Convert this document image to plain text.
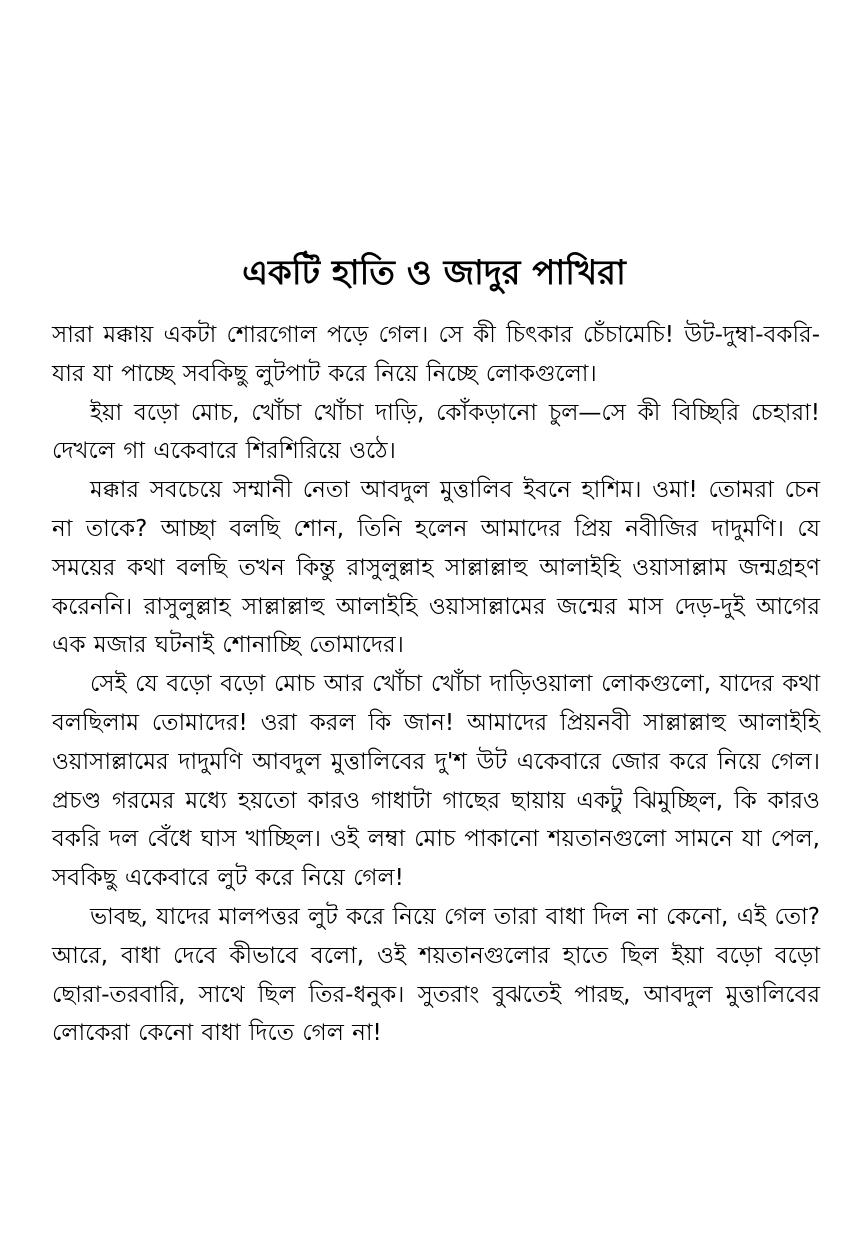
একটি হাতি ও জাদুর পাখিরা

সারা মক্কায় একটা শোরগোল পড়ে গেল। সে কী চিৎকার চেঁচামেচি! উট-দুম্বা-বকরি- যার যা পাচ্ছে সবকিছু লুটপাট করে নিয়ে নিচ্ছে লোকগুলো।

ইয়া বড়ো মোচ, খোঁচা খোঁচা দাড়ি, কোঁকড়ানো চুল—সে কী বিচ্ছিরি চেহারা! দেখলে গা একেবারে শিরশিরিয়ে ওঠে।

মক্কার সবচেয়ে সম্মানী নেতা আবদুল মুত্তালিব ইবনে হাশিম। ওমা! তোমরা চেন না তাকে? আচ্ছা বলছি শোন, তিনি হলেন আমাদের প্রিয় নবীজির দাদুমণি। যে সময়ের কথা বলছি তখন কিন্তু রাসুলুল্লাহ সাল্লাল্লাহু আলাইহি ওয়াসাল্লাম জন্মগ্রহণ করেননি। রাসুলুল্লাহ সাল্লাল্লাহু আলাইহি ওয়াসাল্লামের জন্মের মাস দেড়-দুই আগের এক মজার ঘটনাই শোনাচ্ছি তোমাদের।

সেই যে বড়ো বড়ো মোচ আর খোঁচা খোঁচা দাড়িওয়ালা লোকগুলো, যাদের কথা বলছিলাম তোমাদের! ওরা করল কি জান! আমাদের প্রিয়নবী সাল্লাল্লাহু আলাইহি ওয়াসাল্লামের দাদুমণি আবদুল মুত্তালিবের দু'শ উট একেবারে জোর করে নিয়ে গেল। প্রচণ্ড গরমের মধ্যে হয়তো কারও গাধাটা গাছের ছায়ায় একটু ঝিমুচ্ছিল, কি কারও বকরি দল বেঁধে ঘাস খাচ্ছিল। ওই লম্বা মোচ পাকানো শয়তানগুলো সামনে যা পেল, সবকিছু একেবারে লুট করে নিয়ে গেল!

ভাবছ, যাদের মালপত্তর লুট করে নিয়ে গেল তারা বাধা দিল না কেনো, এই তো? আরে, বাধা দেবে কীভাবে বলো, ওই শয়তানগুলোর হাতে ছিল ইয়া বড়ো বড়ো ছোরা-তরবারি, সাথে ছিল তির-ধনুক। সুতরাং বুঝতেই পারছ, আবদুল মুত্তালিবের লোকেরা কেনো বাধা দিতে গেল না!
